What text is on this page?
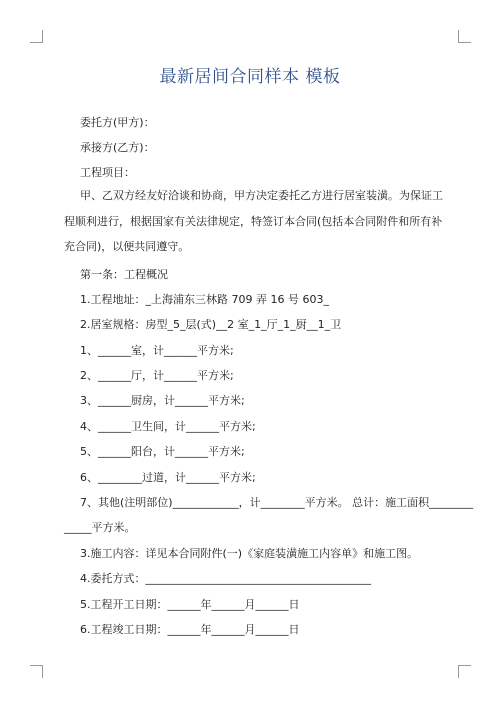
最新居间合同样本 模板
委托方(甲方)：
承接方(乙方)：
工程项目：
甲、乙双方经友好洽谈和协商，甲方决定委托乙方进行居室装潢。为保证工程顺利进行，根据国家有关法律规定，特签订本合同(包括本合同附件和所有补充合同)，以便共同遵守。
第一条：工程概况
1.工程地址：_上海浦东三林路 709 弄 16 号 603_
2.居室规格：房型_5_层(式)__2 室_1_厅_1_厨__1_卫
1、______室，计______平方米;
2、______厅，计______平方米;
3、______厨房，计______平方米;
4、______卫生间，计______平方米;
5、______阳台，计______平方米;
6、________过道，计______平方米;
7、其他(注明部位)____________，计________平方米。 总计：施工面积________
_____平方米。
3.施工内容：详见本合同附件(一)《家庭装潢施工内容单》和施工图。
4.委托方式：_________________________________________
5.工程开工日期：______年______月______日
6.工程竣工日期：______年______月______日
